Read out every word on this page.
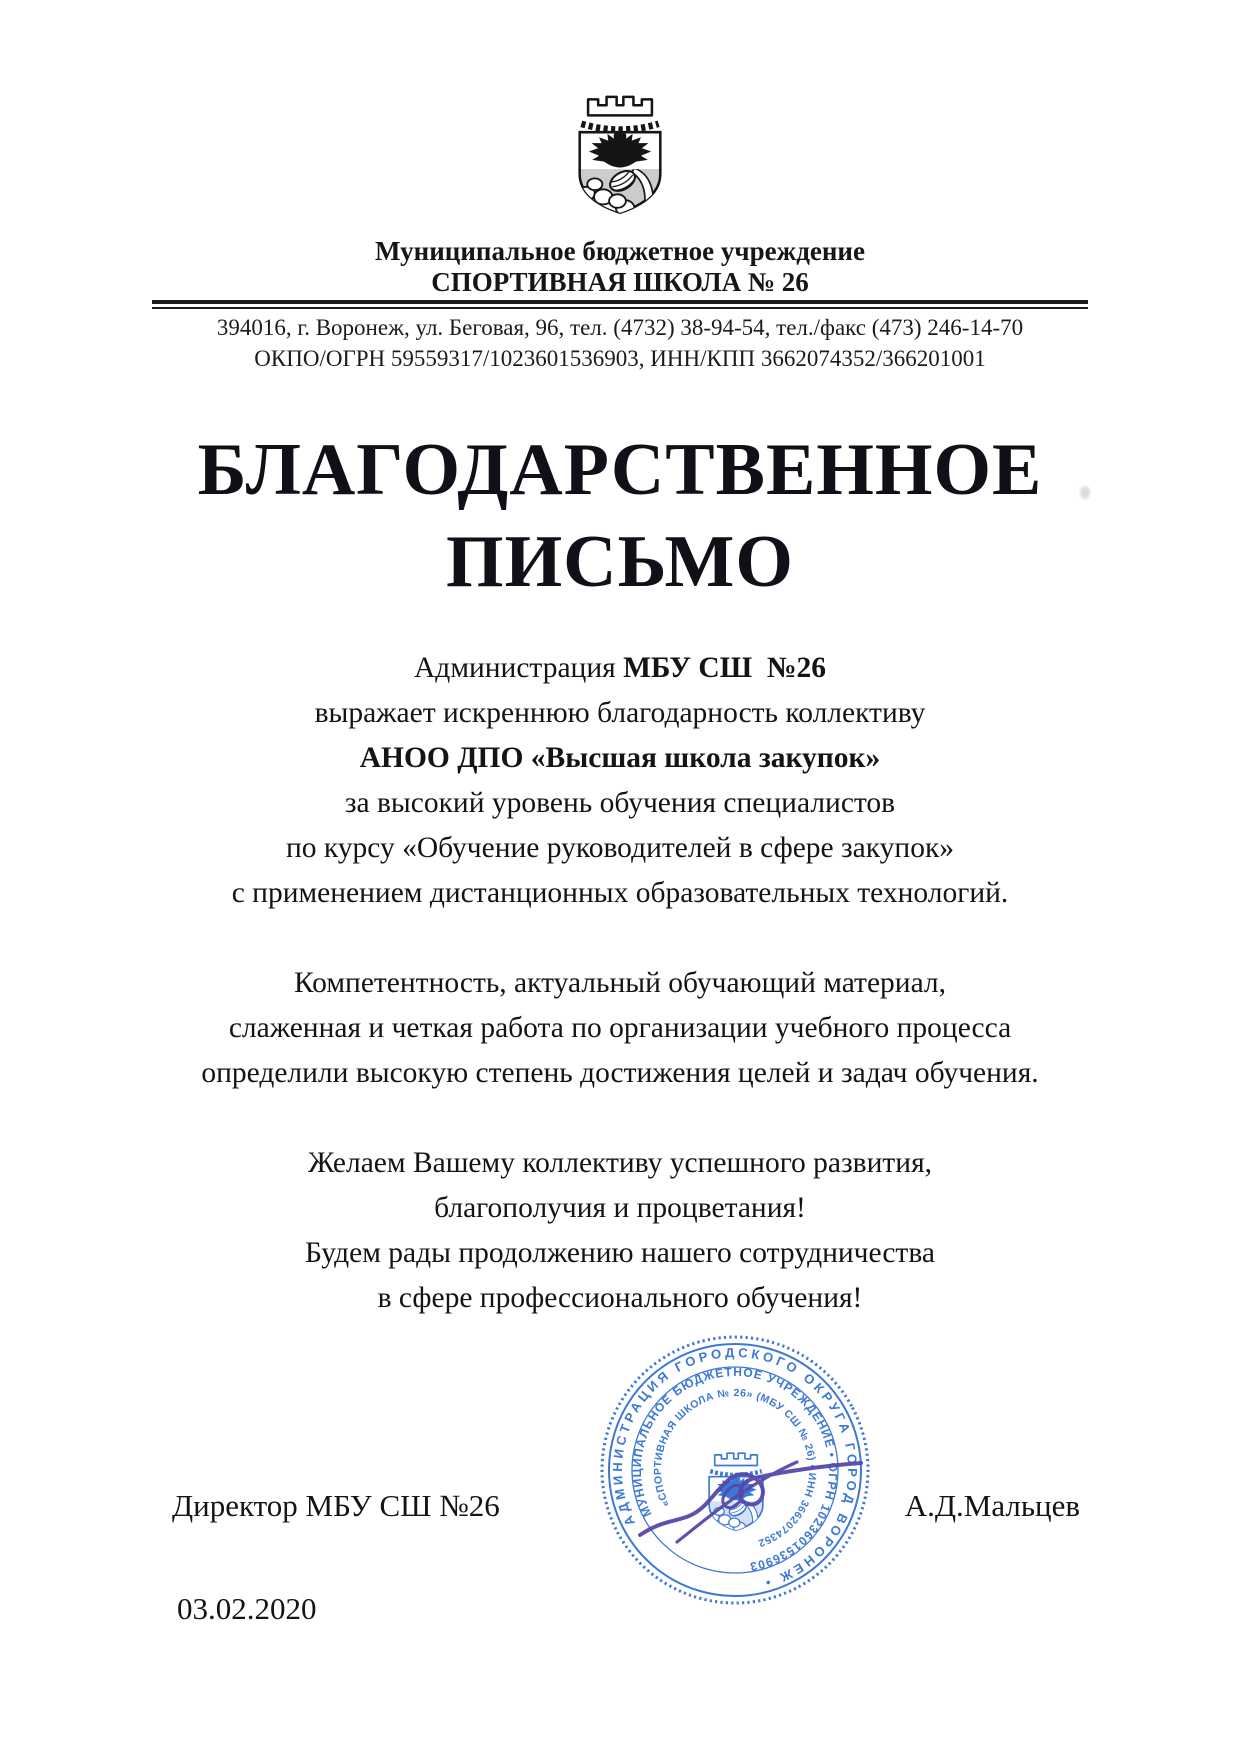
Муниципальное бюджетное учреждение
СПОРТИВНАЯ ШКОЛА № 26
394016, г. Воронеж, ул. Беговая, 96, тел. (4732) 38-94-54, тел./факс (473) 246-14-70
ОКПО/ОГРН 59559317/1023601536903, ИНН/КПП 3662074352/366201001
БЛАГОДАРСТВЕННОЕ
ПИСЬМО

Администрация МБУ СШ  №26
выражает искреннюю благодарность коллективу
АНОО ДПО «Высшая школа закупок»
за высокий уровень обучения специалистов
по курсу «Обучение руководителей в сфере закупок»
с применением дистанционных образовательных технологий.

Компетентность, актуальный обучающий материал,
слаженная и четкая работа по организации учебного процесса
определили высокую степень достижения целей и задач обучения.

Желаем Вашему коллективу успешного развития,
благополучия и процветания!
Будем рады продолжению нашего сотрудничества
в сфере профессионального обучения!

Директор МБУ СШ №26	А.Д.Мальцев
03.02.2020
АДМИНИСТРАЦИЯ ГОРОДСКОГО ОКРУГА ГОРОД ВОРОНЕЖ •
МУНИЦИПАЛЬНОЕ БЮДЖЕТНОЕ УЧРЕЖДЕНИЕ • ОГРН 1023601536903
«СПОРТИВНАЯ ШКОЛА № 26» (МБУ СШ № 26) • ИНН 3662074352
